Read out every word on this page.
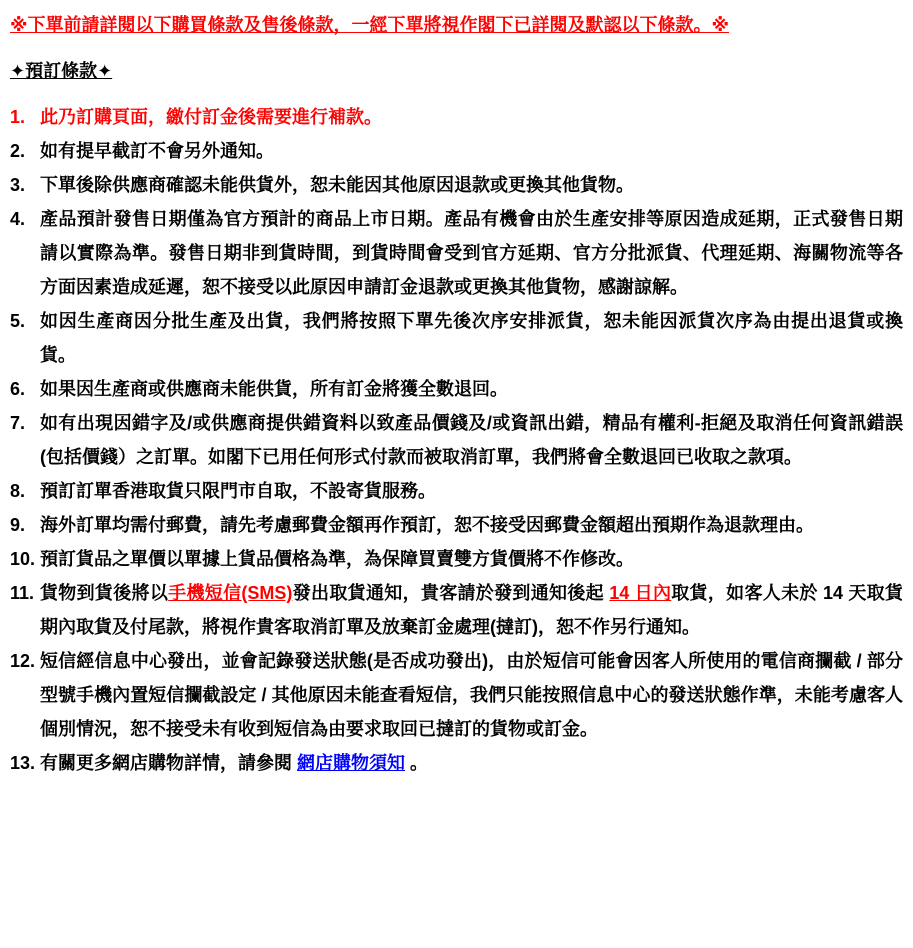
※下單前請詳閱以下購買條款及售後條款，一經下單將視作閣下已詳閱及默認以下條款。※
✦預訂條款✦
1. 此乃訂購頁面，繳付訂金後需要進行補款。
2. 如有提早截訂不會另外通知。
3. 下單後除供應商確認未能供貨外，恕未能因其他原因退款或更換其他貨物。
4. 產品預計發售日期僅為官方預計的商品上市日期。產品有機會由於生產安排等原因造成延期，正式發售日期請以實際為準。發售日期非到貨時間，到貨時間會受到官方延期、官方分批派貨、代理延期、海關物流等各方面因素造成延遲，恕不接受以此原因申請訂金退款或更換其他貨物，感謝諒解。
5. 如因生產商因分批生產及出貨，我們將按照下單先後次序安排派貨，恕未能因派貨次序為由提出退貨或換貨。
6. 如果因生產商或供應商未能供貨，所有訂金將獲全數退回。
7. 如有出現因錯字及/或供應商提供錯資料以致產品價錢及/或資訊出錯，精品有權利-拒絕及取消任何資訊錯誤(包括價錢）之訂單。如閣下已用任何形式付款而被取消訂單，我們將會全數退回已收取之款項。
8. 預訂訂單香港取貨只限門市自取，不設寄貨服務。
9. 海外訂單均需付郵費，請先考慮郵費金額再作預訂，恕不接受因郵費金額超出預期作為退款理由。
10. 預訂貨品之單價以單據上貨品價格為準，為保障買賣雙方貨價將不作修改。
11. 貨物到貨後將以手機短信(SMS)發出取貨通知，貴客請於發到通知後起 14 日內取貨，如客人未於 14 天取貨期內取貨及付尾款，將視作貴客取消訂單及放棄訂金處理(撻訂)，恕不作另行通知。
12. 短信經信息中心發出，並會記錄發送狀態(是否成功發出)，由於短信可能會因客人所使用的電信商攔截 / 部分型號手機內置短信攔截設定 / 其他原因未能查看短信，我們只能按照信息中心的發送狀態作準，未能考慮客人個別情況，恕不接受未有收到短信為由要求取回已撻訂的貨物或訂金。
13. 有關更多網店購物詳情，請參閱 網店購物須知 。
